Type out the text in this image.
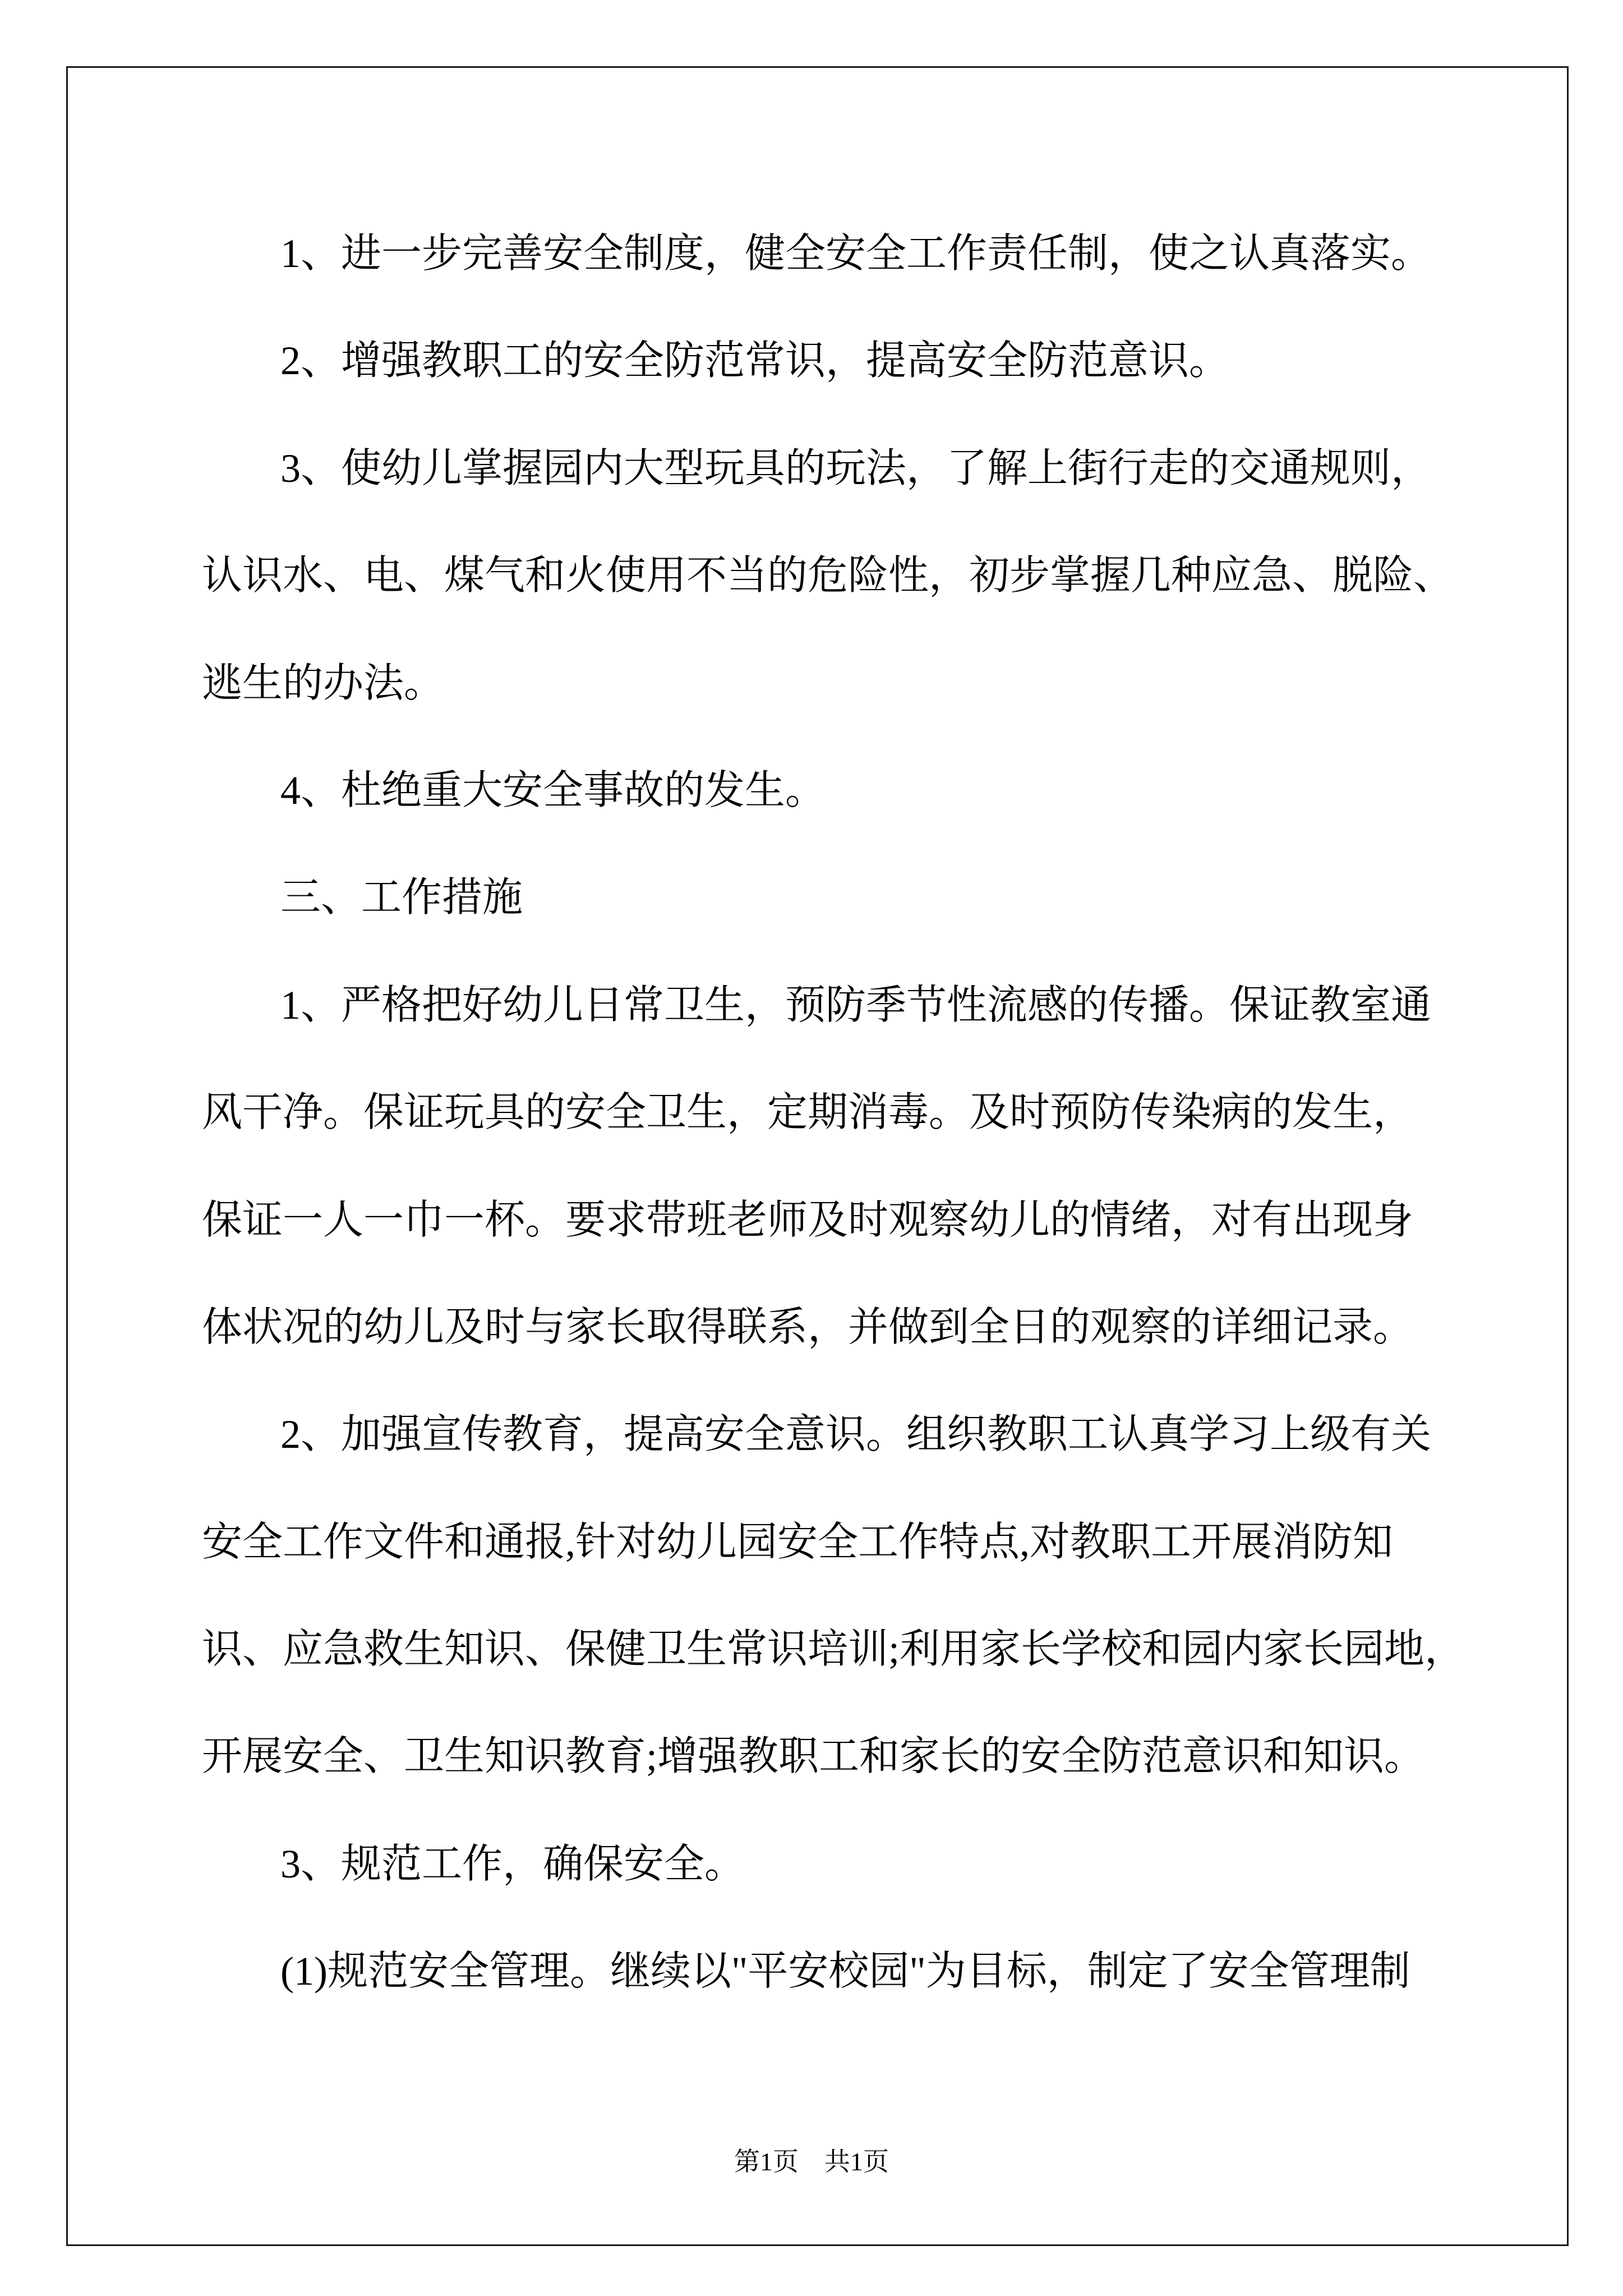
1、进一步完善安全制度，健全安全工作责任制，使之认真落实。
2、增强教职工的安全防范常识，提高安全防范意识。
3、使幼儿掌握园内大型玩具的玩法，了解上街行走的交通规则，
认识水、电、煤气和火使用不当的危险性，初步掌握几种应急、脱险、
逃生的办法。
4、杜绝重大安全事故的发生。
三、工作措施
1、严格把好幼儿日常卫生，预防季节性流感的传播。保证教室通
风干净。保证玩具的安全卫生，定期消毒。及时预防传染病的发生，
保证一人一巾一杯。要求带班老师及时观察幼儿的情绪，对有出现身
体状况的幼儿及时与家长取得联系，并做到全日的观察的详细记录。
2、加强宣传教育，提高安全意识。组织教职工认真学习上级有关
安全工作文件和通报,针对幼儿园安全工作特点,对教职工开展消防知
识、应急救生知识、保健卫生常识培训;利用家长学校和园内家长园地，
开展安全、卫生知识教育;增强教职工和家长的安全防范意识和知识。
3、规范工作，确保安全。
(1)规范安全管理。继续以"平安校园"为目标，制定了安全管理制
第1页　共1页
